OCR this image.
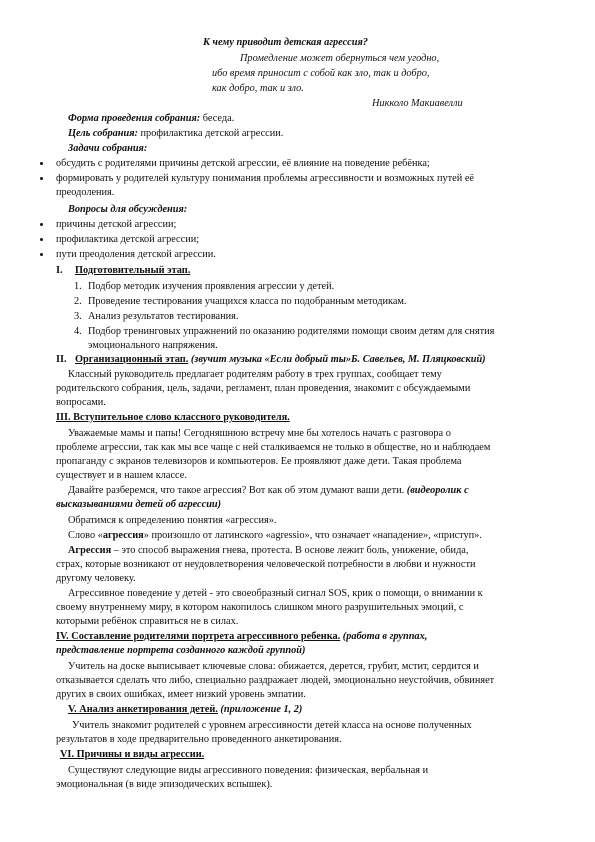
К чему приводит детская агрессия?
Промедление может обернуться чем угодно,
ибо время приносит с собой как зло, так и добро,
как добро, так и зло.
Никколо Макиавелли
Форма проведения собрания: беседа.
Цель собрания: профилактика детской агрессии.
Задачи собрания:
обсудить с родителями причины детской агрессии, её влияние на поведение ребёнка;
формировать у родителей культуру понимания проблемы агрессивности и возможных путей её
преодоления.
Вопросы для обсуждения:
причины детской агрессии;
профилактика детской агрессии;
пути преодоления детской агрессии.
I. Подготовительный этап.
1. Подбор методик изучения проявления агрессии у детей.
2. Проведение тестирования учащихся класса по подобранным методикам.
3. Анализ результатов тестирования.
4. Подбор тренинговых упражнений по оказанию родителями помощи своим детям для снятия
эмоционального напряжения.
II. Организационный этап. (звучит музыка «Если добрый ты»Б. Савельев, М. Пляцковский)
Классный руководитель предлагает родителям работу в трех группах, сообщает тему
родительского собрания, цель, задачи, регламент, план проведения, знакомит с обсуждаемыми
вопросами.
III. Вступительное слово классного руководителя.
Уважаемые мамы и папы! Сегодняшнюю встречу мне бы хотелось начать с разговора о
проблеме агрессии, так как мы все чаще с ней сталкиваемся не только в обществе, но и наблюдаем
пропаганду с экранов телевизоров и компьютеров. Ее проявляют даже дети. Такая проблема
существует и в нашем классе.
Давайте разберемся, что такое агрессия? Вот как об этом думают ваши дети. (видеоролик с
высказываниями детей об агрессии)
Обратимся к определению понятия «агрессия».
Слово «агрессия» произошло от латинского «agressio», что означает «нападение», «приступ».
Агрессия – это способ выражения гнева, протеста. В основе лежит боль, унижение, обида,
страх, которые возникают от неудовлетворения человеческой потребности в любви и нужности
другому человеку.
Агрессивное поведение у детей - это своеобразный сигнал SOS, крик о помощи, о внимании к
своему внутреннему миру, в котором накопилось слишком много разрушительных эмоций, с
которыми ребёнок справиться не в силах.
IV. Составление родителями портрета агрессивного ребенка. (работа в группах,
представление портрета созданного каждой группой)
Учитель на доске выписывает ключевые слова: обижается, дерется, грубит, мстит, сердится и
отказывается сделать что либо, специально раздражает людей, эмоционально неустойчив, обвиняет
других в своих ошибках, имеет низкий уровень эмпатии.
V. Анализ анкетирования детей. (приложение 1, 2)
Учитель знакомит родителей с уровнем агрессивности детей класса на основе полученных
результатов в ходе предварительно проведенного анкетирования.
VI. Причины и виды агрессии.
Существуют следующие виды агрессивного поведения: физическая, вербальная и
эмоциональная (в виде эпизодических вспышек).
